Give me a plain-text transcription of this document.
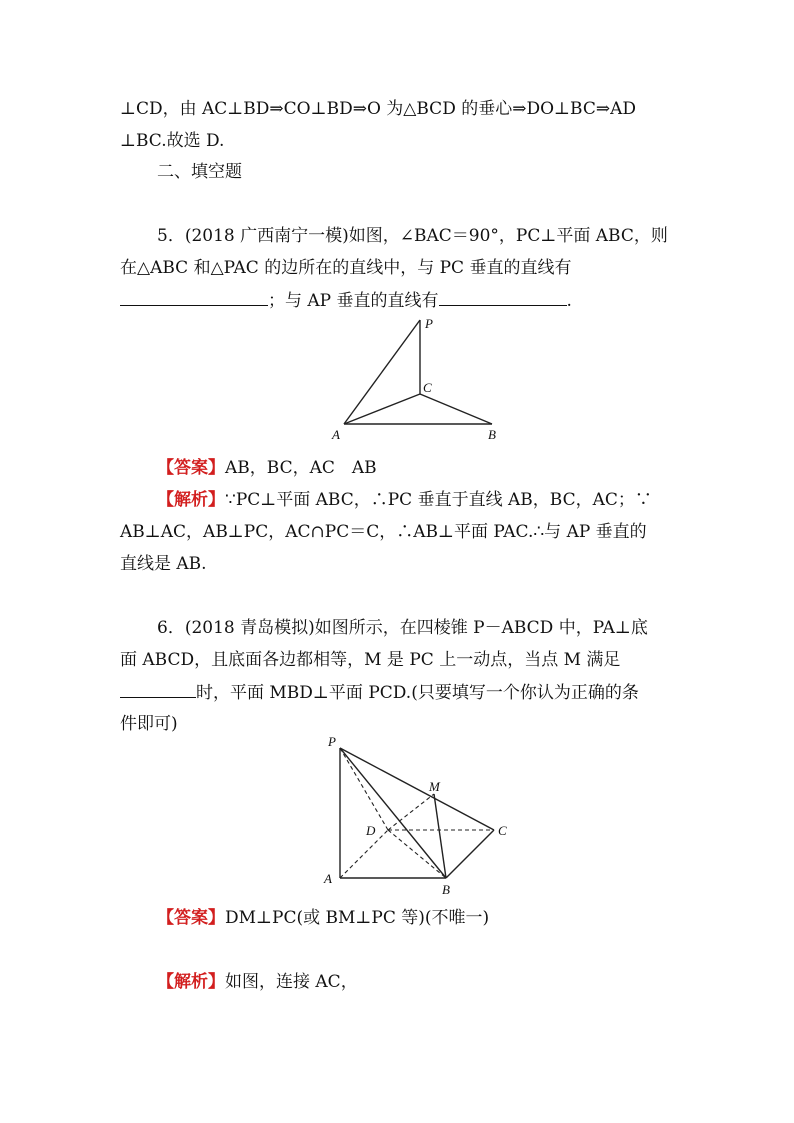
⊥CD，由 AC⊥BD⇒CO⊥BD⇒O 为△BCD 的垂心⇒DO⊥BC⇒AD
⊥BC.故选 D.
二、填空题
5．(2018 广西南宁一模)如图，∠BAC＝90°，PC⊥平面 ABC，则
在△ABC 和△PAC 的边所在的直线中，与 PC 垂直的直线有
；与 AP 垂直的直线有	.
P
C
A	B
【答案】AB，BC，AC　AB
【解析】∵PC⊥平面 ABC，∴PC 垂直于直线 AB，BC，AC；∵
AB⊥AC，AB⊥PC，AC∩PC＝C，∴AB⊥平面 PAC.∴与 AP 垂直的
直线是 AB.
6．(2018 青岛模拟)如图所示，在四棱锥 P－ABCD 中，PA⊥底
面 ABCD，且底面各边都相等，M 是 PC 上一动点，当点 M 满足
时，平面 MBD⊥平面 PCD.(只要填写一个你认为正确的条
件即可)
P
M
D	C
A
B
【答案】DM⊥PC(或 BM⊥PC 等)(不唯一)
【解析】如图，连接 AC，
